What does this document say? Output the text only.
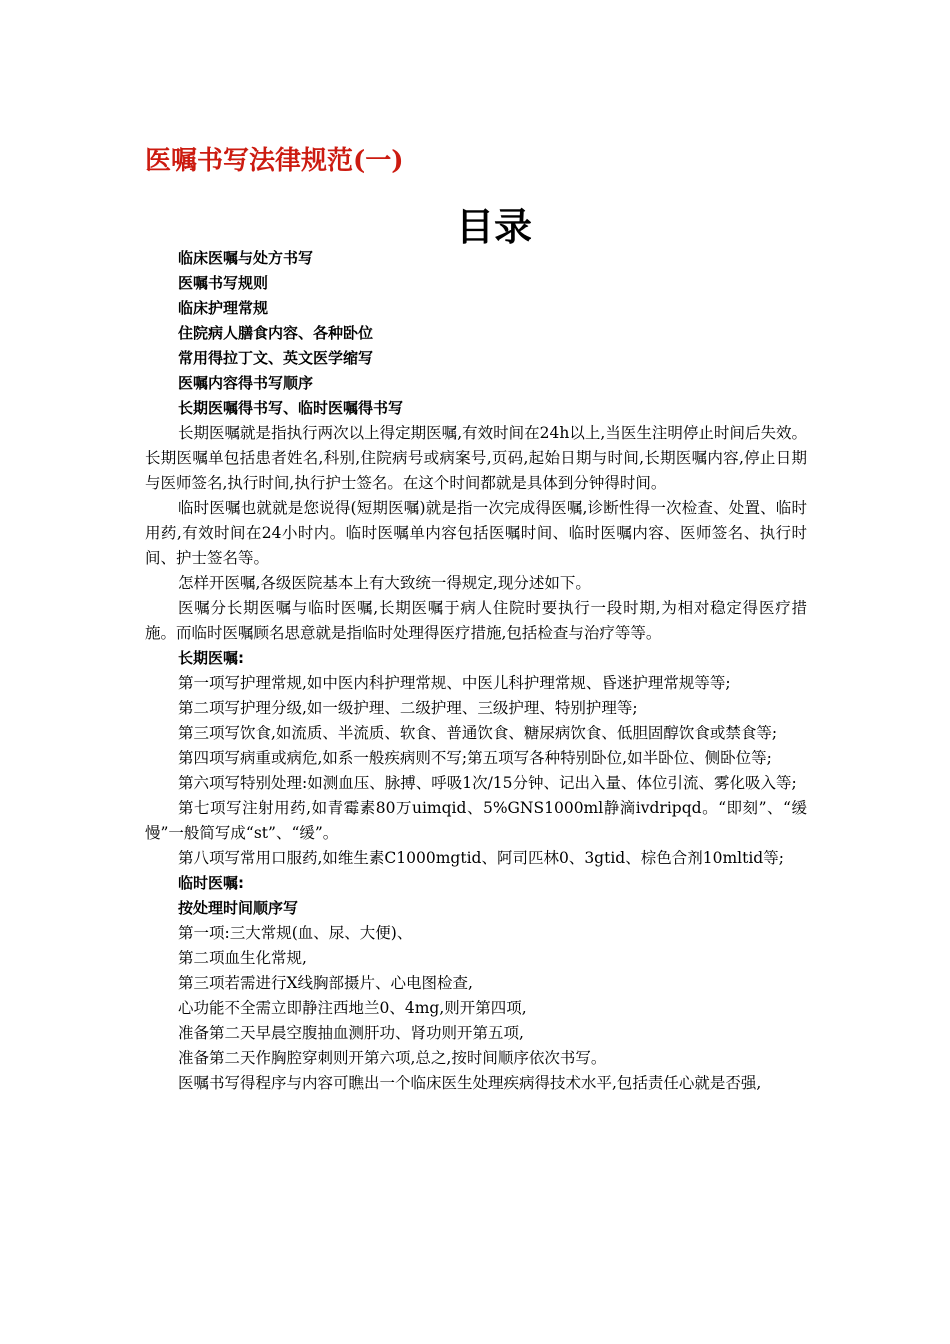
医嘱书写法律规范(一)
目录
临床医嘱与处方书写
医嘱书写规则
临床护理常规
住院病人膳食内容、各种卧位
常用得拉丁文、英文医学缩写
医嘱内容得书写顺序
长期医嘱得书写、临时医嘱得书写

长期医嘱就是指执行两次以上得定期医嘱,有效时间在24h以上,当医生注明停止时间后失效。长期医嘱单包括患者姓名,科别,住院病号或病案号,页码,起始日期与时间,长期医嘱内容,停止日期与医师签名,执行时间,执行护士签名。在这个时间都就是具体到分钟得时间。

临时医嘱也就就是您说得(短期医嘱)就是指一次完成得医嘱,诊断性得一次检查、处置、临时用药,有效时间在24小时内。临时医嘱单内容包括医嘱时间、临时医嘱内容、医师签名、执行时间、护士签名等。

怎样开医嘱,各级医院基本上有大致统一得规定,现分述如下。

医嘱分长期医嘱与临时医嘱,长期医嘱于病人住院时要执行一段时期,为相对稳定得医疗措施。而临时医嘱顾名思意就是指临时处理得医疗措施,包括检查与治疗等等。

长期医嘱:

第一项写护理常规,如中医内科护理常规、中医儿科护理常规、昏迷护理常规等等;

第二项写护理分级,如一级护理、二级护理、三级护理、特别护理等;

第三项写饮食,如流质、半流质、软食、普通饮食、糖尿病饮食、低胆固醇饮食或禁食等;

第四项写病重或病危,如系一般疾病则不写;第五项写各种特别卧位,如半卧位、侧卧位等;

第六项写特别处理:如测血压、脉搏、呼吸1次/15分钟、记出入量、体位引流、雾化吸入等;

第七项写注射用药,如青霉素80万uimqid、5%GNS1000ml静滴ivdripqd。“即刻”、“缓慢”一般简写成“st”、“缓”。

第八项写常用口服药,如维生素C1000mgtid、阿司匹林0、3gtid、棕色合剂10mltid等;

临时医嘱:
按处理时间顺序写
第一项:三大常规(血、尿、大便)、
第二项血生化常规,
第三项若需进行X线胸部摄片、心电图检查,
心功能不全需立即静注西地兰0、4mg,则开第四项,
准备第二天早晨空腹抽血测肝功、肾功则开第五项,
准备第二天作胸腔穿刺则开第六项,总之,按时间顺序依次书写。
医嘱书写得程序与内容可瞧出一个临床医生处理疾病得技术水平,包括责任心就是否强,
